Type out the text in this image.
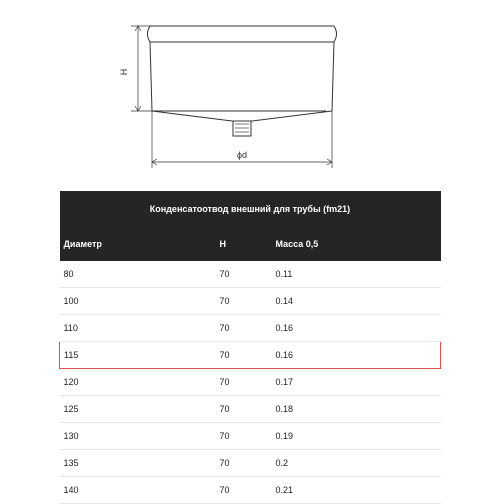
H
ϕd
Конденсатоотвод внешний для трубы (fm21)		
Диаметр	H	Масса 0,5
80	70	0.11
100	70	0.14
110	70	0.16
115	70	0.16
120	70	0.17
125	70	0.18
130	70	0.19
135	70	0.2
140	70	0.21
